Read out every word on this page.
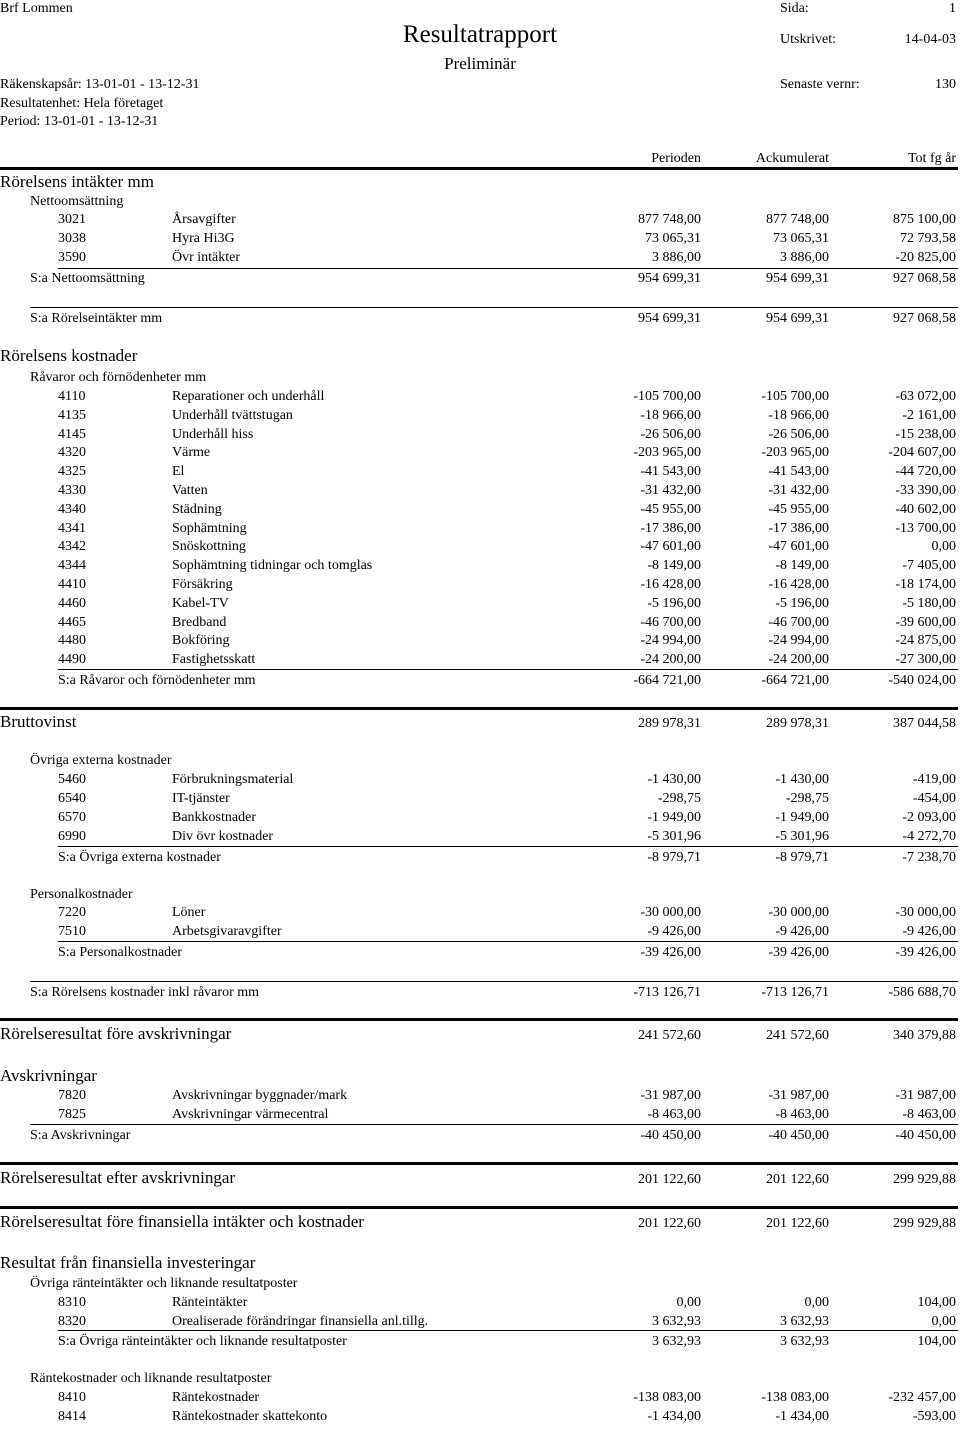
Brf Lommen	Sida:	1
Resultatrapport
Preliminär
Utskrivet:	14-04-03
Räkenskapsår: 13-01-01 - 13-12-31	Senaste vernr:	130
Resultatenhet: Hela företaget
Period: 13-01-01 - 13-12-31
Perioden	Ackumulerat	Tot fg år
Rörelsens intäkter mm
Nettoomsättning
3021	Årsavgifter	877 748,00	877 748,00	875 100,00
3038	Hyra Hi3G	73 065,31	73 065,31	72 793,58
3590	Övr intäkter	3 886,00	3 886,00	-20 825,00
S:a Nettoomsättning	954 699,31	954 699,31	927 068,58
S:a Rörelseintäkter mm	954 699,31	954 699,31	927 068,58
Rörelsens kostnader
Råvaror och förnödenheter mm
4110	Reparationer och underhåll	-105 700,00	-105 700,00	-63 072,00
4135	Underhåll tvättstugan	-18 966,00	-18 966,00	-2 161,00
4145	Underhåll hiss	-26 506,00	-26 506,00	-15 238,00
4320	Värme	-203 965,00	-203 965,00	-204 607,00
4325	El	-41 543,00	-41 543,00	-44 720,00
4330	Vatten	-31 432,00	-31 432,00	-33 390,00
4340	Städning	-45 955,00	-45 955,00	-40 602,00
4341	Sophämtning	-17 386,00	-17 386,00	-13 700,00
4342	Snöskottning	-47 601,00	-47 601,00	0,00
4344	Sophämtning tidningar och tomglas	-8 149,00	-8 149,00	-7 405,00
4410	Försäkring	-16 428,00	-16 428,00	-18 174,00
4460	Kabel-TV	-5 196,00	-5 196,00	-5 180,00
4465	Bredband	-46 700,00	-46 700,00	-39 600,00
4480	Bokföring	-24 994,00	-24 994,00	-24 875,00
4490	Fastighetsskatt	-24 200,00	-24 200,00	-27 300,00
S:a Råvaror och förnödenheter mm	-664 721,00	-664 721,00	-540 024,00
Bruttovinst	289 978,31	289 978,31	387 044,58
Övriga externa kostnader
5460	Förbrukningsmaterial	-1 430,00	-1 430,00	-419,00
6540	IT-tjänster	-298,75	-298,75	-454,00
6570	Bankkostnader	-1 949,00	-1 949,00	-2 093,00
6990	Div övr kostnader	-5 301,96	-5 301,96	-4 272,70
S:a Övriga externa kostnader	-8 979,71	-8 979,71	-7 238,70
Personalkostnader
7220	Löner	-30 000,00	-30 000,00	-30 000,00
7510	Arbetsgivaravgifter	-9 426,00	-9 426,00	-9 426,00
S:a Personalkostnader	-39 426,00	-39 426,00	-39 426,00
S:a Rörelsens kostnader inkl råvaror mm	-713 126,71	-713 126,71	-586 688,70
Rörelseresultat före avskrivningar	241 572,60	241 572,60	340 379,88
Avskrivningar
7820	Avskrivningar byggnader/mark	-31 987,00	-31 987,00	-31 987,00
7825	Avskrivningar värmecentral	-8 463,00	-8 463,00	-8 463,00
S:a Avskrivningar	-40 450,00	-40 450,00	-40 450,00
Rörelseresultat efter avskrivningar	201 122,60	201 122,60	299 929,88
Rörelseresultat före finansiella intäkter och kostnader	201 122,60	201 122,60	299 929,88
Resultat från finansiella investeringar
Övriga ränteintäkter och liknande resultatposter
8310	Ränteintäkter	0,00	0,00	104,00
8320	Orealiserade förändringar finansiella anl.tillg.	3 632,93	3 632,93	0,00
S:a Övriga ränteintäkter och liknande resultatposter	3 632,93	3 632,93	104,00
Räntekostnader och liknande resultatposter
8410	Räntekostnader	-138 083,00	-138 083,00	-232 457,00
8414	Räntekostnader skattekonto	-1 434,00	-1 434,00	-593,00
